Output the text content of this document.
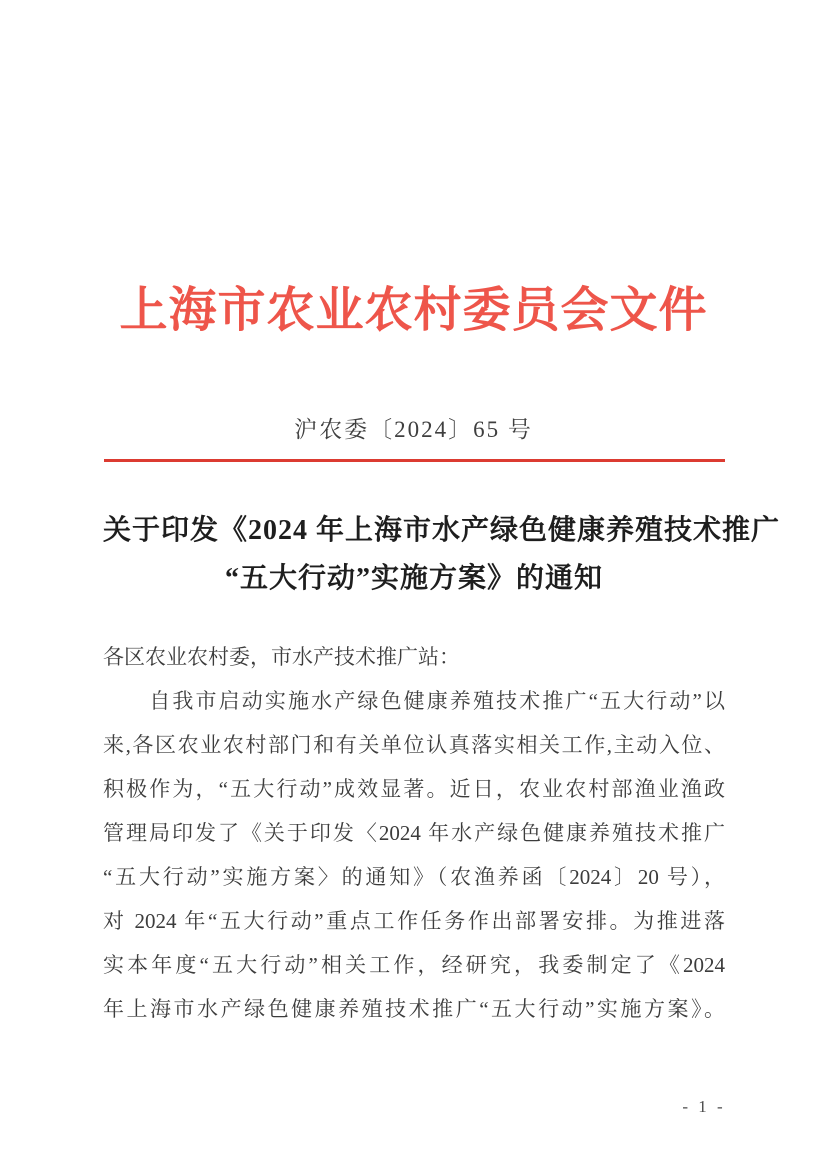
上海市农业农村委员会文件
沪农委〔2024〕65 号
关于印发《2024 年上海市水产绿色健康养殖技术推广
“五大行动”实施方案》的通知
各区农业农村委，市水产技术推广站：
　　自我市启动实施水产绿色健康养殖技术推广“五大行动”以
来,各区农业农村部门和有关单位认真落实相关工作,主动入位、
积极作为，“五大行动”成效显著。近日，农业农村部渔业渔政
管理局印发了《关于印发〈2024 年水产绿色健康养殖技术推广
“五大行动”实施方案〉的通知》（农渔养函〔2024〕20 号），
对 2024 年“五大行动”重点工作任务作出部署安排。为推进落
实本年度“五大行动”相关工作，经研究，我委制定了《2024
年上海市水产绿色健康养殖技术推广“五大行动”实施方案》。
- 1 -
